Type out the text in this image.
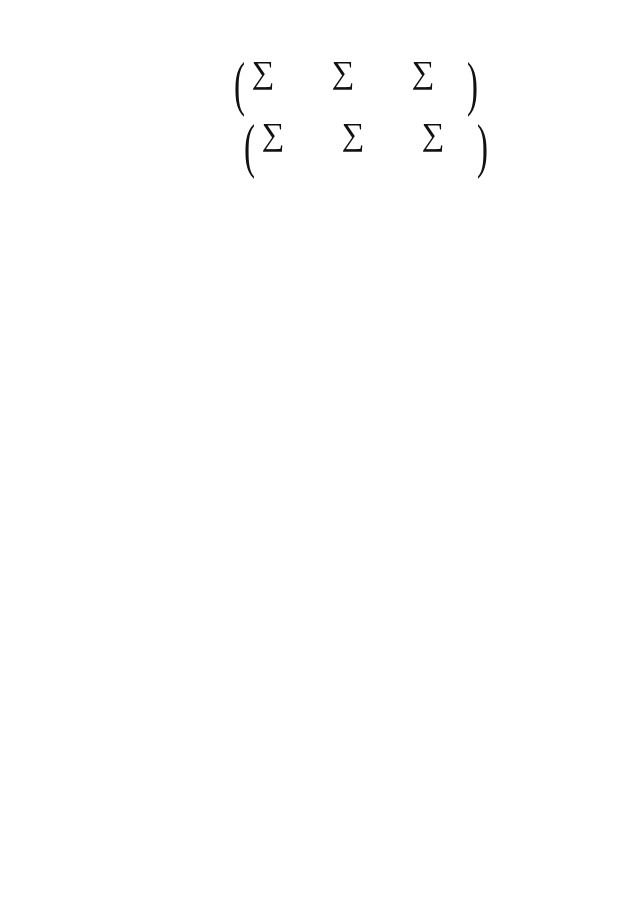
( ∑ ∑ ∑ )

( ∑ ∑ ∑ )
